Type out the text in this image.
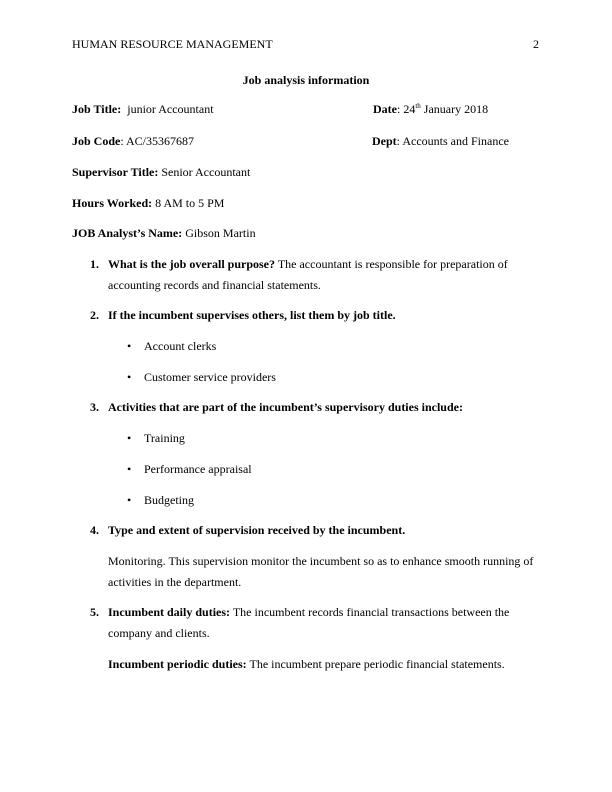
HUMAN RESOURCE MANAGEMENT	2
Job analysis information
Job Title: junior Accountant	Date: 24th January 2018
Job Code: AC/35367687	Dept: Accounts and Finance
Supervisor Title: Senior Accountant
Hours Worked: 8 AM to 5 PM
JOB Analyst’s Name: Gibson Martin
1. What is the job overall purpose? The accountant is responsible for preparation of
accounting records and financial statements.
2. If the incumbent supervises others, list them by job title.
• Account clerks
• Customer service providers
3. Activities that are part of the incumbent’s supervisory duties include:
• Training
• Performance appraisal
• Budgeting
4. Type and extent of supervision received by the incumbent.
Monitoring. This supervision monitor the incumbent so as to enhance smooth running of
activities in the department.
5. Incumbent daily duties: The incumbent records financial transactions between the
company and clients.
Incumbent periodic duties: The incumbent prepare periodic financial statements.
